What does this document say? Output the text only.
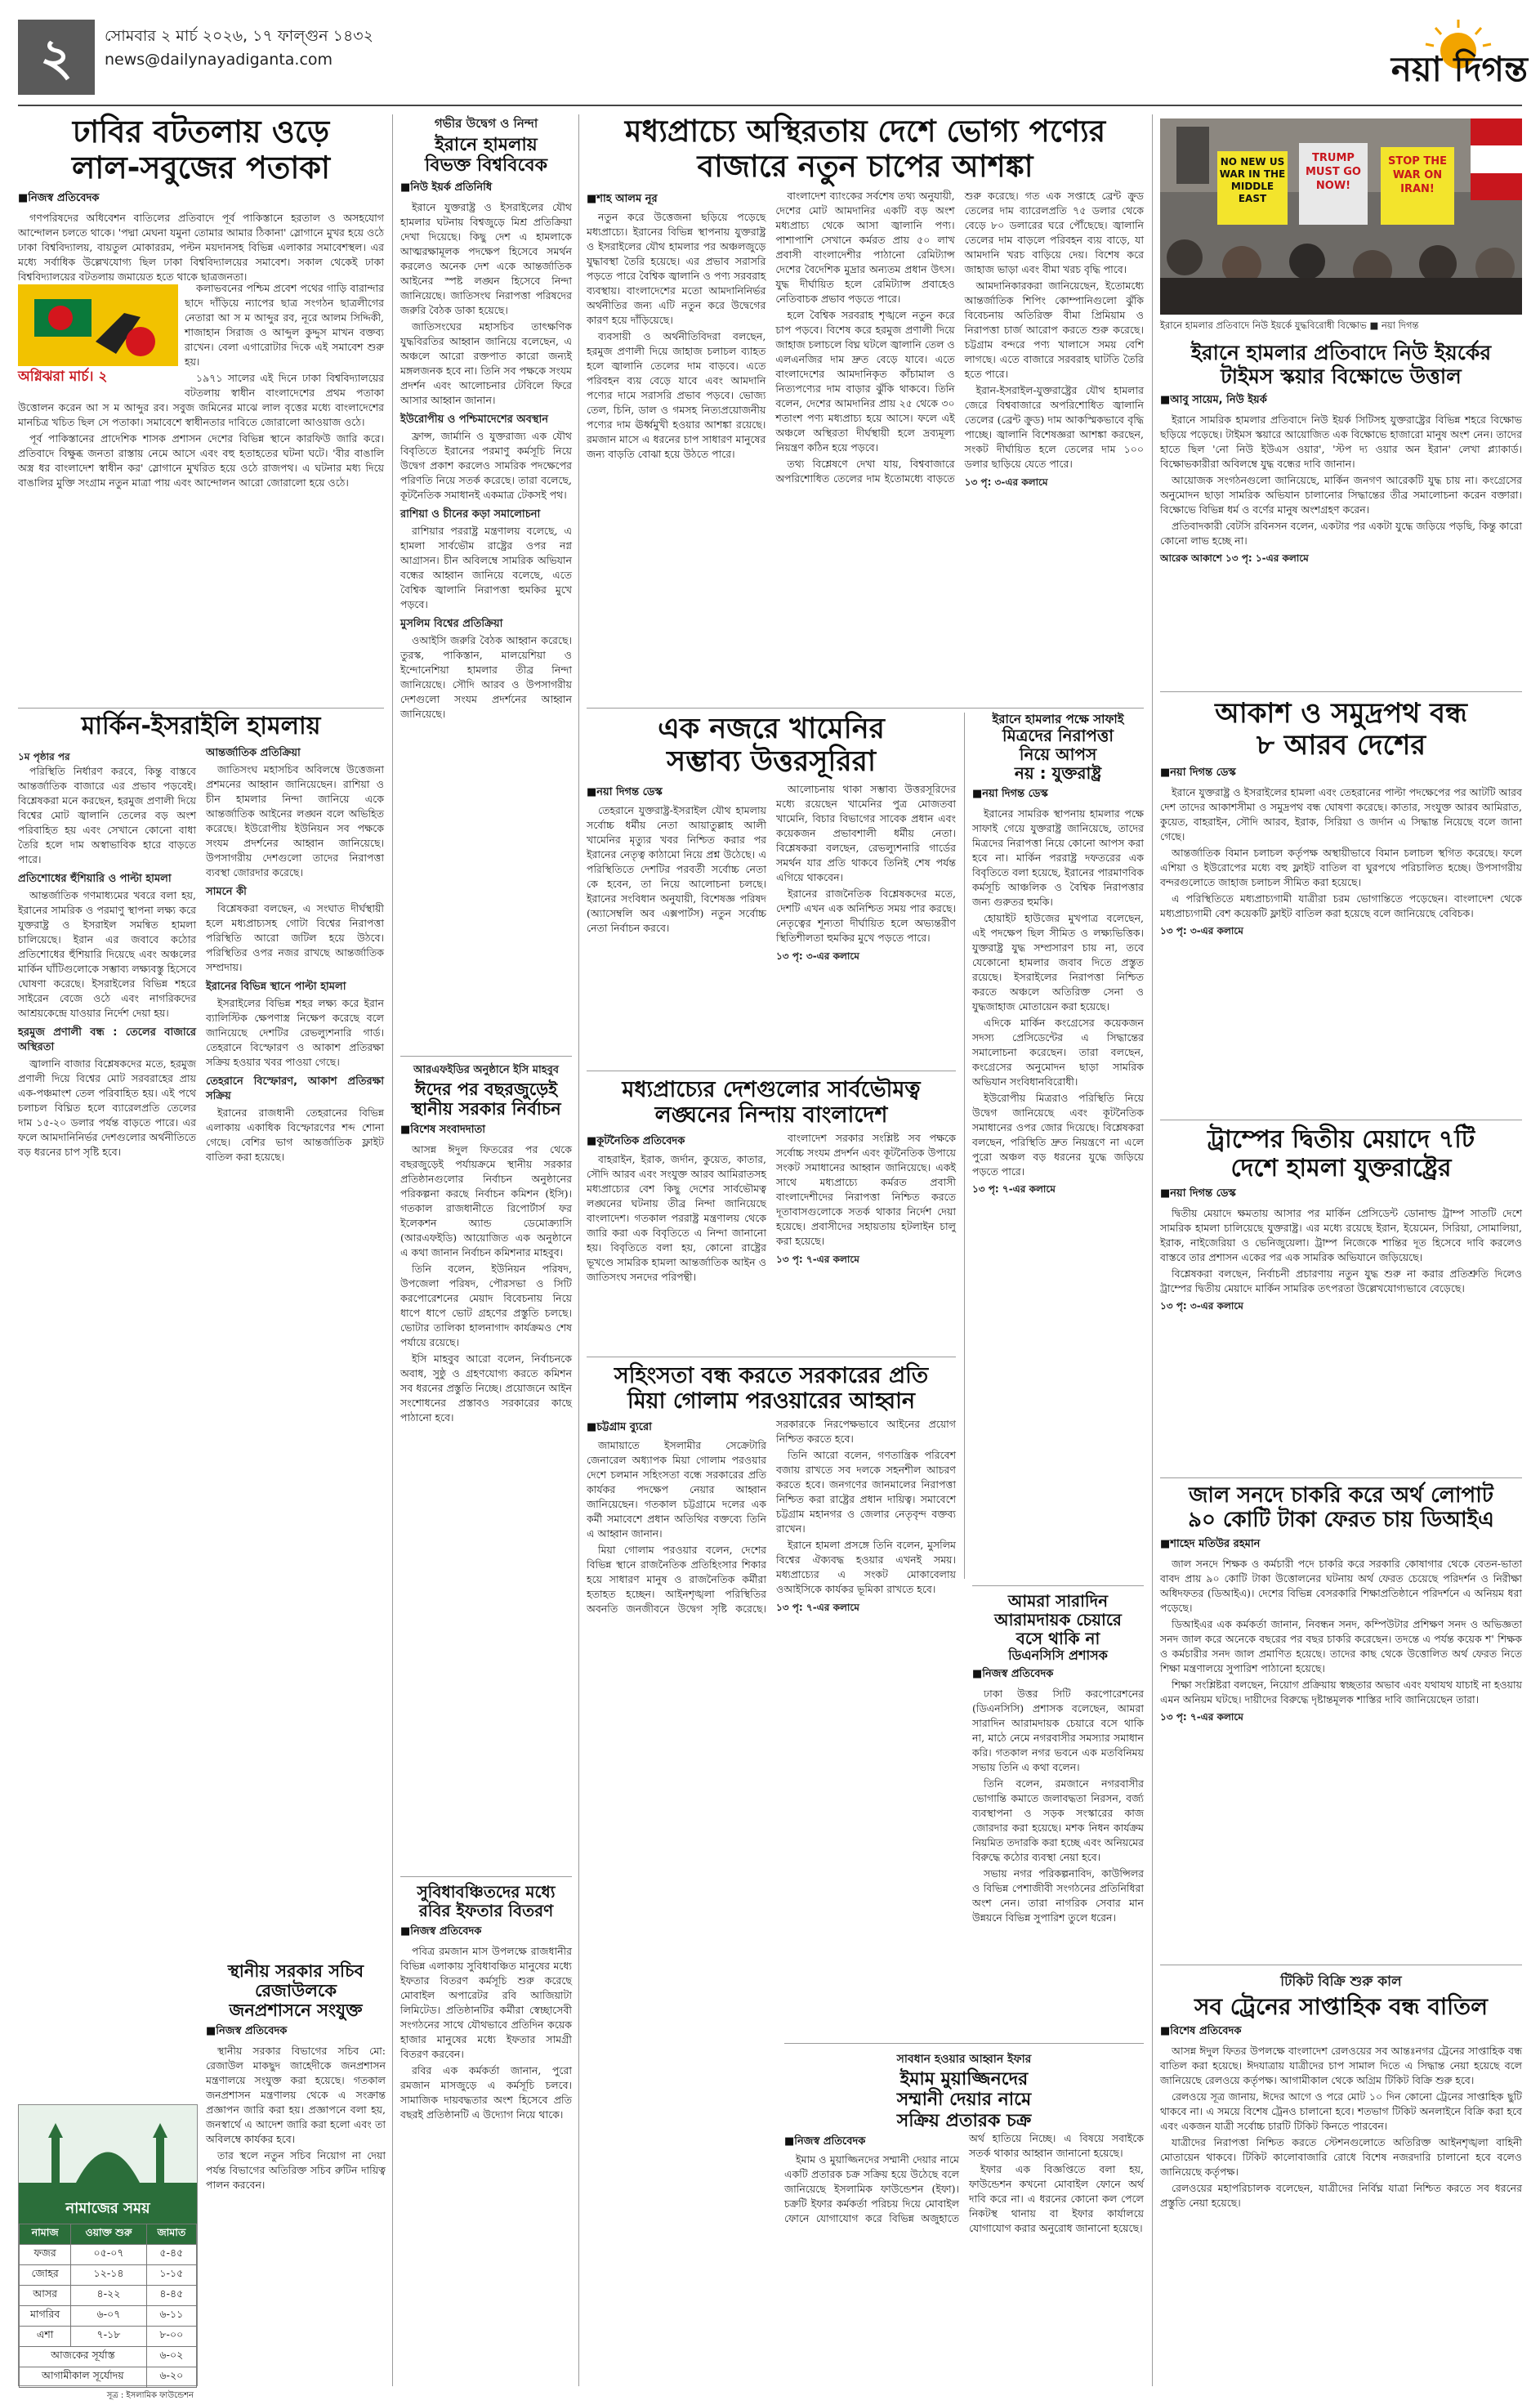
২	সোমবার ২ মার্চ ২০২৬, ১৭ ফাল্গুন ১৪৩২
news@dailynayadiganta.com	নয়া দিগন্ত
ঢাবির বটতলায় ওড়ে
লাল-সবুজের পতাকা
■ নিজস্ব প্রতিবেদক

গণপরিষদের অধিবেশন বাতিলের প্রতিবাদে পূর্ব পাকিস্তানে হরতাল ও অসহযোগ আন্দোলন চলতে থাকে। 'পদ্মা মেঘনা যমুনা তোমার আমার ঠিকানা' স্লোগানে মুখর হয়ে ওঠে ঢাকা বিশ্ববিদ্যালয়, বায়তুল মোকাররম, পল্টন ময়দানসহ বিভিন্ন এলাকার সমাবেশস্থল। এর মধ্যে সর্বাধিক উল্লেখযোগ্য ছিল ঢাকা বিশ্ববিদ্যালয়ের সমাবেশ। সকাল থেকেই ঢাকা বিশ্ববিদ্যালয়ের বটতলায় জমায়েত হতে থাকে ছাত্রজনতা।

অগ্নিঝরা মার্চ। ২

কলাভবনের পশ্চিম প্রবেশ পথের গাড়ি বারান্দার ছাদে দাঁড়িয়ে ন্যাপের ছাত্র সংগঠন ছাত্রলীগের নেতারা আ স ম আব্দুর রব, নূরে আলম সিদ্দিকী, শাজাহান সিরাজ ও আব্দুল কুদ্দুস মাখন বক্তব্য রাখেন। বেলা এগারোটার দিকে এই সমাবেশ শুরু হয়।

১৯৭১ সালের এই দিনে ঢাকা বিশ্ববিদ্যালয়ের বটতলায় স্বাধীন বাংলাদেশের প্রথম পতাকা উত্তোলন করেন আ স ম আব্দুর রব। সবুজ জমিনের মাঝে লাল বৃত্তের মধ্যে বাংলাদেশের মানচিত্র খচিত ছিল সে পতাকা। সমাবেশে স্বাধীনতার দাবিতে জোরালো আওয়াজ ওঠে।

পূর্ব পাকিস্তানের প্রাদেশিক শাসক প্রশাসন দেশের বিভিন্ন স্থানে কারফিউ জারি করে। প্রতিবাদে বিক্ষুব্ধ জনতা রাস্তায় নেমে আসে এবং বহু হতাহতের ঘটনা ঘটে। 'বীর বাঙালি অস্ত্র ধর বাংলাদেশ স্বাধীন কর' স্লোগানে মুখরিত হয়ে ওঠে রাজপথ। এ ঘটনার মধ্য দিয়ে বাঙালির মুক্তি সংগ্রাম নতুন মাত্রা পায় এবং আন্দোলন আরো জোরালো হয়ে ওঠে।

মার্কিন-ইসরাইলি হামলায়
১ম পৃষ্ঠার পর

পরিস্থিতি নির্ধারণ করবে, কিন্তু বাস্তবে আন্তর্জাতিক বাজারে এর প্রভাব পড়বেই। বিশ্লেষকরা মনে করছেন, হরমুজ প্রণালী দিয়ে বিশ্বের মোট জ্বালানি তেলের বড় অংশ পরিবাহিত হয় এবং সেখানে কোনো বাধা তৈরি হলে দাম অস্বাভাবিক হারে বাড়তে পারে।

প্রতিশোধের হুঁশিয়ারি ও পাল্টা হামলা

আন্তর্জাতিক গণমাধ্যমের খবরে বলা হয়, ইরানের সামরিক ও পরমাণু স্থাপনা লক্ষ্য করে যুক্তরাষ্ট্র ও ইসরাইল সমন্বিত হামলা চালিয়েছে। ইরান এর জবাবে কঠোর প্রতিশোধের হুঁশিয়ারি দিয়েছে এবং অঞ্চলের মার্কিন ঘাঁটিগুলোকে সম্ভাব্য লক্ষ্যবস্তু হিসেবে ঘোষণা করেছে। ইসরাইলের বিভিন্ন শহরে সাইরেন বেজে ওঠে এবং নাগরিকদের আশ্রয়কেন্দ্রে যাওয়ার নির্দেশ দেয়া হয়।

হরমুজ প্রণালী বন্ধ : তেলের বাজারে অস্থিরতা

জ্বালানি বাজার বিশ্লেষকদের মতে, হরমুজ প্রণালী দিয়ে বিশ্বের মোট সরবরাহের প্রায় এক-পঞ্চমাংশ তেল পরিবাহিত হয়। এই পথে চলাচল বিঘ্নিত হলে ব্যারেলপ্রতি তেলের দাম ১৫-২০ ডলার পর্যন্ত বাড়তে পারে। এর ফলে আমদানিনির্ভর দেশগুলোর অর্থনীতিতে বড় ধরনের চাপ সৃষ্টি হবে।

আন্তর্জাতিক প্রতিক্রিয়া

জাতিসংঘ মহাসচিব অবিলম্বে উত্তেজনা প্রশমনের আহ্বান জানিয়েছেন। রাশিয়া ও চীন হামলার নিন্দা জানিয়ে একে আন্তর্জাতিক আইনের লঙ্ঘন বলে অভিহিত করেছে। ইউরোপীয় ইউনিয়ন সব পক্ষকে সংযম প্রদর্শনের আহ্বান জানিয়েছে। উপসাগরীয় দেশগুলো তাদের নিরাপত্তা ব্যবস্থা জোরদার করেছে।

সামনে কী

বিশ্লেষকরা বলছেন, এ সংঘাত দীর্ঘস্থায়ী হলে মধ্যপ্রাচ্যসহ গোটা বিশ্বের নিরাপত্তা পরিস্থিতি আরো জটিল হয়ে উঠবে। পরিস্থিতির ওপর নজর রাখছে আন্তর্জাতিক সম্প্রদায়।

ইরানের বিভিন্ন স্থানে পাল্টা হামলা

ইসরাইলের বিভিন্ন শহর লক্ষ্য করে ইরান ব্যালিস্টিক ক্ষেপণাস্ত্র নিক্ষেপ করেছে বলে জানিয়েছে দেশটির রেভল্যুশনারি গার্ড। তেহরানে বিস্ফোরণ ও আকাশ প্রতিরক্ষা সক্রিয় হওয়ার খবর পাওয়া গেছে।

তেহরানে বিস্ফোরণ, আকাশ প্রতিরক্ষা সক্রিয়

ইরানের রাজধানী তেহরানের বিভিন্ন এলাকায় একাধিক বিস্ফোরণের শব্দ শোনা গেছে। বেশির ভাগ আন্তর্জাতিক ফ্লাইট বাতিল করা হয়েছে।

নামাজের সময়
নামাজ	ওয়াক্ত শুরু	জামাত
ফজর	০৫-০৭	৫-৪৫
জোহর	১২-১৪	১-১৫
আসর	৪-২২	৪-৪৫
মাগরিব	৬-০৭	৬-১১
এশা	৭-১৮	৮-০০
আজকের সূর্যাস্ত		৬-০২
আগামীকাল সূর্যোদয়		৬-২০
সূত্র : ইসলামিক ফাউন্ডেশন
গভীর উদ্বেগ ও নিন্দা
ইরানে হামলায়
বিভক্ত বিশ্ববিবেক
■ নিউ ইয়র্ক প্রতিনিধি

ইরানে যুক্তরাষ্ট্র ও ইসরাইলের যৌথ হামলার ঘটনায় বিশ্বজুড়ে মিশ্র প্রতিক্রিয়া দেখা দিয়েছে। কিছু দেশ এ হামলাকে আত্মরক্ষামূলক পদক্ষেপ হিসেবে সমর্থন করলেও অনেক দেশ একে আন্তর্জাতিক আইনের স্পষ্ট লঙ্ঘন হিসেবে নিন্দা জানিয়েছে। জাতিসংঘ নিরাপত্তা পরিষদের জরুরি বৈঠক ডাকা হয়েছে।

জাতিসংঘের মহাসচিব তাৎক্ষণিক যুদ্ধবিরতির আহ্বান জানিয়ে বলেছেন, এ অঞ্চলে আরো রক্তপাত কারো জন্যই মঙ্গলজনক হবে না। তিনি সব পক্ষকে সংযম প্রদর্শন এবং আলোচনার টেবিলে ফিরে আসার আহ্বান জানান।

ইউরোপীয় ও পশ্চিমাদেশের অবস্থান

ফ্রান্স, জার্মানি ও যুক্তরাজ্য এক যৌথ বিবৃতিতে ইরানের পরমাণু কর্মসূচি নিয়ে উদ্বেগ প্রকাশ করলেও সামরিক পদক্ষেপের পরিণতি নিয়ে সতর্ক করেছে। তারা বলেছে, কূটনৈতিক সমাধানই একমাত্র টেকসই পথ।

রাশিয়া ও চীনের কড়া সমালোচনা

রাশিয়ার পররাষ্ট্র মন্ত্রণালয় বলেছে, এ হামলা সার্বভৌম রাষ্ট্রের ওপর নগ্ন আগ্রাসন। চীন অবিলম্বে সামরিক অভিযান বন্ধের আহ্বান জানিয়ে বলেছে, এতে বৈশ্বিক জ্বালানি নিরাপত্তা হুমকির মুখে পড়বে।

মুসলিম বিশ্বের প্রতিক্রিয়া

ওআইসি জরুরি বৈঠক আহ্বান করেছে। তুরস্ক, পাকিস্তান, মালয়েশিয়া ও ইন্দোনেশিয়া হামলার তীব্র নিন্দা জানিয়েছে। সৌদি আরব ও উপসাগরীয় দেশগুলো সংযম প্রদর্শনের আহ্বান জানিয়েছে।

আরএফইডির অনুষ্ঠানে ইসি মাহবুব
ঈদের পর বছরজুড়েই
স্থানীয় সরকার নির্বাচন
■ বিশেষ সংবাদদাতা

আসন্ন ঈদুল ফিতরের পর থেকে বছরজুড়েই পর্যায়ক্রমে স্থানীয় সরকার প্রতিষ্ঠানগুলোর নির্বাচন অনুষ্ঠানের পরিকল্পনা করছে নির্বাচন কমিশন (ইসি)। গতকাল রাজধানীতে রিপোর্টার্স ফর ইলেকশন অ্যান্ড ডেমোক্র্যাসি (আরএফইডি) আয়োজিত এক অনুষ্ঠানে এ কথা জানান নির্বাচন কমিশনার মাহবুব।

তিনি বলেন, ইউনিয়ন পরিষদ, উপজেলা পরিষদ, পৌরসভা ও সিটি করপোরেশনের মেয়াদ বিবেচনায় নিয়ে ধাপে ধাপে ভোট গ্রহণের প্রস্তুতি চলছে। ভোটার তালিকা হালনাগাদ কার্যক্রমও শেষ পর্যায়ে রয়েছে।

ইসি মাহবুব আরো বলেন, নির্বাচনকে অবাধ, সুষ্ঠু ও গ্রহণযোগ্য করতে কমিশন সব ধরনের প্রস্তুতি নিচ্ছে। প্রয়োজনে আইন সংশোধনের প্রস্তাবও সরকারের কাছে পাঠানো হবে।

সুবিধাবঞ্চিতদের মধ্যে
রবির ইফতার বিতরণ
■ নিজস্ব প্রতিবেদক

পবিত্র রমজান মাস উপলক্ষে রাজধানীর বিভিন্ন এলাকায় সুবিধাবঞ্চিত মানুষের মধ্যে ইফতার বিতরণ কর্মসূচি শুরু করেছে মোবাইল অপারেটর রবি আজিয়াটা লিমিটেড। প্রতিষ্ঠানটির কর্মীরা স্বেচ্ছাসেবী সংগঠনের সাথে যৌথভাবে প্রতিদিন কয়েক হাজার মানুষের মধ্যে ইফতার সামগ্রী বিতরণ করবেন।

রবির এক কর্মকর্তা জানান, পুরো রমজান মাসজুড়ে এ কর্মসূচি চলবে। সামাজিক দায়বদ্ধতার অংশ হিসেবে প্রতি বছরই প্রতিষ্ঠানটি এ উদ্যোগ নিয়ে থাকে।

স্থানীয় সরকার সচিব
রেজাউলকে
জনপ্রশাসনে সংযুক্ত
■ নিজস্ব প্রতিবেদক

স্থানীয় সরকার বিভাগের সচিব মো: রেজাউল মাকছুদ জাহেদীকে জনপ্রশাসন মন্ত্রণালয়ে সংযুক্ত করা হয়েছে। গতকাল জনপ্রশাসন মন্ত্রণালয় থেকে এ সংক্রান্ত প্রজ্ঞাপন জারি করা হয়। প্রজ্ঞাপনে বলা হয়, জনস্বার্থে এ আদেশ জারি করা হলো এবং তা অবিলম্বে কার্যকর হবে।

তার স্থলে নতুন সচিব নিয়োগ না দেয়া পর্যন্ত বিভাগের অতিরিক্ত সচিব রুটিন দায়িত্ব পালন করবেন।

মধ্যপ্রাচ্যে অস্থিরতায় দেশে ভোগ্য পণ্যের
বাজারে নতুন চাপের আশঙ্কা
■ শাহ আলম নূর

নতুন করে উত্তেজনা ছড়িয়ে পড়েছে মধ্যপ্রাচ্যে। ইরানের বিভিন্ন স্থাপনায় যুক্তরাষ্ট্র ও ইসরাইলের যৌথ হামলার পর অঞ্চলজুড়ে যুদ্ধাবস্থা তৈরি হয়েছে। এর প্রভাব সরাসরি পড়তে পারে বৈশ্বিক জ্বালানি ও পণ্য সরবরাহ ব্যবস্থায়। বাংলাদেশের মতো আমদানিনির্ভর অর্থনীতির জন্য এটি নতুন করে উদ্বেগের কারণ হয়ে দাঁড়িয়েছে।

ব্যবসায়ী ও অর্থনীতিবিদরা বলছেন, হরমুজ প্রণালী দিয়ে জাহাজ চলাচল ব্যাহত হলে জ্বালানি তেলের দাম বাড়বে। এতে পরিবহন ব্যয় বেড়ে যাবে এবং আমদানি পণ্যের দামে সরাসরি প্রভাব পড়বে। ভোজ্য তেল, চিনি, ডাল ও গমসহ নিত্যপ্রয়োজনীয় পণ্যের দাম ঊর্ধ্বমুখী হওয়ার আশঙ্কা রয়েছে। রমজান মাসে এ ধরনের চাপ সাধারণ মানুষের জন্য বাড়তি বোঝা হয়ে উঠতে পারে।

বাংলাদেশ ব্যাংকের সর্বশেষ তথ্য অনুযায়ী, দেশের মোট আমদানির একটি বড় অংশ মধ্যপ্রাচ্য থেকে আসা জ্বালানি পণ্য। পাশাপাশি সেখানে কর্মরত প্রায় ৫০ লাখ প্রবাসী বাংলাদেশীর পাঠানো রেমিট্যান্স দেশের বৈদেশিক মুদ্রার অন্যতম প্রধান উৎস। যুদ্ধ দীর্ঘায়িত হলে রেমিট্যান্স প্রবাহেও নেতিবাচক প্রভাব পড়তে পারে।

হলে বৈশ্বিক সরবরাহ শৃঙ্খলে নতুন করে চাপ পড়বে। বিশেষ করে হরমুজ প্রণালী দিয়ে জাহাজ চলাচলে বিঘ্ন ঘটলে জ্বালানি তেল ও এলএনজির দাম দ্রুত বেড়ে যাবে। এতে বাংলাদেশের আমদানিকৃত কাঁচামাল ও নিত্যপণ্যের দাম বাড়ার ঝুঁকি থাকবে। তিনি বলেন, দেশের আমদানির প্রায় ২৫ থেকে ৩০ শতাংশ পণ্য মধ্যপ্রাচ্য হয়ে আসে। ফলে এই অঞ্চলে অস্থিরতা দীর্ঘস্থায়ী হলে দ্রব্যমূল্য নিয়ন্ত্রণ কঠিন হয়ে পড়বে।

তথ্য বিশ্লেষণে দেখা যায়, বিশ্ববাজারে অপরিশোধিত তেলের দাম ইতোমধ্যে বাড়তে শুরু করেছে। গত এক সপ্তাহে ব্রেন্ট ক্রুড তেলের দাম ব্যারেলপ্রতি ৭৫ ডলার থেকে বেড়ে ৮০ ডলারের ঘরে পৌঁছেছে। জ্বালানি তেলের দাম বাড়লে পরিবহন ব্যয় বাড়ে, যা আমদানি খরচ বাড়িয়ে দেয়। বিশেষ করে জাহাজ ভাড়া এবং বীমা খরচ বৃদ্ধি পাবে।

আমদানিকারকরা জানিয়েছেন, ইতোমধ্যে আন্তর্জাতিক শিপিং কোম্পানিগুলো ঝুঁকি বিবেচনায় অতিরিক্ত বীমা প্রিমিয়াম ও নিরাপত্তা চার্জ আরোপ করতে শুরু করেছে। চট্টগ্রাম বন্দরে পণ্য খালাসে সময় বেশি লাগছে। এতে বাজারে সরবরাহ ঘাটতি তৈরি হতে পারে।

ইরান-ইসরাইল-যুক্তরাষ্ট্রের যৌথ হামলার জেরে বিশ্ববাজারে অপরিশোধিত জ্বালানি তেলের (ব্রেন্ট ক্রুড) দাম আকস্মিকভাবে বৃদ্ধি পাচ্ছে। জ্বালানি বিশেষজ্ঞরা আশঙ্কা করছেন, সংকট দীর্ঘায়িত হলে তেলের দাম ১০০ ডলার ছাড়িয়ে যেতে পারে।

১৩ পৃ: ৩-এর কলামে
এক নজরে খামেনির
সম্ভাব্য উত্তরসূরিরা
■ নয়া দিগন্ত ডেস্ক

তেহরানে যুক্তরাষ্ট্র-ইসরাইল যৌথ হামলায় সর্বোচ্চ ধর্মীয় নেতা আয়াতুল্লাহ আলী খামেনির মৃত্যুর খবর নিশ্চিত করার পর ইরানের নেতৃত্ব কাঠামো নিয়ে প্রশ্ন উঠেছে। এ পরিস্থিতিতে দেশটির পরবর্তী সর্বোচ্চ নেতা কে হবেন, তা নিয়ে আলোচনা চলছে। ইরানের সংবিধান অনুযায়ী, বিশেষজ্ঞ পরিষদ (অ্যাসেম্বলি অব এক্সপার্টস) নতুন সর্বোচ্চ নেতা নির্বাচন করবে।

আলোচনায় থাকা সম্ভাব্য উত্তরসূরিদের মধ্যে রয়েছেন খামেনির পুত্র মোজতবা খামেনি, বিচার বিভাগের সাবেক প্রধান এবং কয়েকজন প্রভাবশালী ধর্মীয় নেতা। বিশ্লেষকরা বলছেন, রেভল্যুশনারি গার্ডের সমর্থন যার প্রতি থাকবে তিনিই শেষ পর্যন্ত এগিয়ে থাকবেন।

ইরানের রাজনৈতিক বিশ্লেষকদের মতে, দেশটি এখন এক অনিশ্চিত সময় পার করছে। নেতৃত্বের শূন্যতা দীর্ঘায়িত হলে অভ্যন্তরীণ স্থিতিশীলতা হুমকির মুখে পড়তে পারে।

১৩ পৃ: ৩-এর কলামে
ইরানে হামলার পক্ষে সাফাই
মিত্রদের নিরাপত্তা
নিয়ে আপস
নয় : যুক্তরাষ্ট্র
■ নয়া দিগন্ত ডেস্ক

ইরানের সামরিক স্থাপনায় হামলার পক্ষে সাফাই গেয়ে যুক্তরাষ্ট্র জানিয়েছে, তাদের মিত্রদের নিরাপত্তা নিয়ে কোনো আপস করা হবে না। মার্কিন পররাষ্ট্র দফতরের এক বিবৃতিতে বলা হয়েছে, ইরানের পারমাণবিক কর্মসূচি আঞ্চলিক ও বৈশ্বিক নিরাপত্তার জন্য গুরুতর হুমকি।

হোয়াইট হাউজের মুখপাত্র বলেছেন, এই পদক্ষেপ ছিল সীমিত ও লক্ষ্যভিত্তিক। যুক্তরাষ্ট্র যুদ্ধ সম্প্রসারণ চায় না, তবে যেকোনো হামলার জবাব দিতে প্রস্তুত রয়েছে। ইসরাইলের নিরাপত্তা নিশ্চিত করতে অঞ্চলে অতিরিক্ত সেনা ও যুদ্ধজাহাজ মোতায়েন করা হয়েছে।

এদিকে মার্কিন কংগ্রেসের কয়েকজন সদস্য প্রেসিডেন্টের এ সিদ্ধান্তের সমালোচনা করেছেন। তারা বলছেন, কংগ্রেসের অনুমোদন ছাড়া সামরিক অভিযান সংবিধানবিরোধী।

ইউরোপীয় মিত্ররাও পরিস্থিতি নিয়ে উদ্বেগ জানিয়েছে এবং কূটনৈতিক সমাধানের ওপর জোর দিয়েছে। বিশ্লেষকরা বলছেন, পরিস্থিতি দ্রুত নিয়ন্ত্রণে না এলে পুরো অঞ্চল বড় ধরনের যুদ্ধে জড়িয়ে পড়তে পারে।

১৩ পৃ: ৭-এর কলামে
মধ্যপ্রাচ্যের দেশগুলোর সার্বভৌমত্ব
লঙ্ঘনের নিন্দায় বাংলাদেশ
■ কূটনৈতিক প্রতিবেদক

বাহরাইন, ইরাক, জর্দান, কুয়েত, কাতার, সৌদি আরব এবং সংযুক্ত আরব আমিরাতসহ মধ্যপ্রাচ্যের বেশ কিছু দেশের সার্বভৌমত্ব লঙ্ঘনের ঘটনায় তীব্র নিন্দা জানিয়েছে বাংলাদেশ। গতকাল পররাষ্ট্র মন্ত্রণালয় থেকে জারি করা এক বিবৃতিতে এ নিন্দা জানানো হয়। বিবৃতিতে বলা হয়, কোনো রাষ্ট্রের ভূখণ্ডে সামরিক হামলা আন্তর্জাতিক আইন ও জাতিসংঘ সনদের পরিপন্থী।

বাংলাদেশ সরকার সংশ্লিষ্ট সব পক্ষকে সর্বোচ্চ সংযম প্রদর্শন এবং কূটনৈতিক উপায়ে সংকট সমাধানের আহ্বান জানিয়েছে। একই সাথে মধ্যপ্রাচ্যে কর্মরত প্রবাসী বাংলাদেশীদের নিরাপত্তা নিশ্চিত করতে দূতাবাসগুলোকে সতর্ক থাকার নির্দেশ দেয়া হয়েছে। প্রবাসীদের সহায়তায় হটলাইন চালু করা হয়েছে।

১৩ পৃ: ৭-এর কলামে
সহিংসতা বন্ধ করতে সরকারের প্রতি
মিয়া গোলাম পরওয়ারের আহ্বান
■ চট্টগ্রাম ব্যুরো

জামায়াতে ইসলামীর সেক্রেটারি জেনারেল অধ্যাপক মিয়া গোলাম পরওয়ার দেশে চলমান সহিংসতা বন্ধে সরকারের প্রতি কার্যকর পদক্ষেপ নেয়ার আহ্বান জানিয়েছেন। গতকাল চট্টগ্রামে দলের এক কর্মী সমাবেশে প্রধান অতিথির বক্তব্যে তিনি এ আহ্বান জানান।

মিয়া গোলাম পরওয়ার বলেন, দেশের বিভিন্ন স্থানে রাজনৈতিক প্রতিহিংসার শিকার হয়ে সাধারণ মানুষ ও রাজনৈতিক কর্মীরা হতাহত হচ্ছেন। আইনশৃঙ্খলা পরিস্থিতির অবনতি জনজীবনে উদ্বেগ সৃষ্টি করেছে। সরকারকে নিরপেক্ষভাবে আইনের প্রয়োগ নিশ্চিত করতে হবে।

তিনি আরো বলেন, গণতান্ত্রিক পরিবেশ বজায় রাখতে সব দলকে সহনশীল আচরণ করতে হবে। জনগণের জানমালের নিরাপত্তা নিশ্চিত করা রাষ্ট্রের প্রধান দায়িত্ব। সমাবেশে চট্টগ্রাম মহানগর ও জেলার নেতৃবৃন্দ বক্তব্য রাখেন।

ইরানে হামলা প্রসঙ্গে তিনি বলেন, মুসলিম বিশ্বের ঐক্যবদ্ধ হওয়ার এখনই সময়। মধ্যপ্রাচ্যের এ সংকট মোকাবেলায় ওআইসিকে কার্যকর ভূমিকা রাখতে হবে।

১৩ পৃ: ৭-এর কলামে	আমরা সারাদিন
আরামদায়ক চেয়ারে
বসে থাকি না
ডিএনসিসি প্রশাসক
■ নিজস্ব প্রতিবেদক

ঢাকা উত্তর সিটি করপোরেশনের (ডিএনসিসি) প্রশাসক বলেছেন, আমরা সারাদিন আরামদায়ক চেয়ারে বসে থাকি না, মাঠে নেমে নগরবাসীর সমস্যার সমাধান করি। গতকাল নগর ভবনে এক মতবিনিময় সভায় তিনি এ কথা বলেন।

তিনি বলেন, রমজানে নগরবাসীর ভোগান্তি কমাতে জলাবদ্ধতা নিরসন, বর্জ্য ব্যবস্থাপনা ও সড়ক সংস্কারের কাজ জোরদার করা হয়েছে। মশক নিধন কার্যক্রম নিয়মিত তদারকি করা হচ্ছে এবং অনিয়মের বিরুদ্ধে কঠোর ব্যবস্থা নেয়া হবে।

সভায় নগর পরিকল্পনাবিদ, কাউন্সিলর ও বিভিন্ন পেশাজীবী সংগঠনের প্রতিনিধিরা অংশ নেন। তারা নাগরিক সেবার মান উন্নয়নে বিভিন্ন সুপারিশ তুলে ধরেন।

সাবধান হওয়ার আহ্বান ইফার
ইমাম মুয়াজ্জিনদের
সম্মানী দেয়ার নামে
সক্রিয় প্রতারক চক্র
■ নিজস্ব প্রতিবেদক

ইমাম ও মুয়াজ্জিনদের সম্মানী দেয়ার নামে একটি প্রতারক চক্র সক্রিয় হয়ে উঠেছে বলে জানিয়েছে ইসলামিক ফাউন্ডেশন (ইফা)। চক্রটি ইফার কর্মকর্তা পরিচয় দিয়ে মোবাইল ফোনে যোগাযোগ করে বিভিন্ন অজুহাতে অর্থ হাতিয়ে নিচ্ছে। এ বিষয়ে সবাইকে সতর্ক থাকার আহ্বান জানানো হয়েছে।

ইফার এক বিজ্ঞপ্তিতে বলা হয়, ফাউন্ডেশন কখনো মোবাইল ফোনে অর্থ দাবি করে না। এ ধরনের কোনো কল পেলে নিকটস্থ থানায় বা ইফার কার্যালয়ে যোগাযোগ করার অনুরোধ জানানো হয়েছে।

NO NEW US WAR IN THE MIDDLE EAST
TRUMP MUST GO NOW!
STOP THE WAR ON IRAN!
ইরানে হামলার প্রতিবাদে নিউ ইয়র্কে যুদ্ধবিরোধী বিক্ষোভ ■ নয়া দিগন্ত
ইরানে হামলার প্রতিবাদে নিউ ইয়র্কের
টাইমস স্কয়ার বিক্ষোভে উত্তাল
■ আবু সায়েম, নিউ ইয়র্ক

ইরানে সামরিক হামলার প্রতিবাদে নিউ ইয়র্ক সিটিসহ যুক্তরাষ্ট্রের বিভিন্ন শহরে বিক্ষোভ ছড়িয়ে পড়েছে। টাইমস স্কয়ারে আয়োজিত এক বিক্ষোভে হাজারো মানুষ অংশ নেন। তাদের হাতে ছিল 'নো নিউ ইউএস ওয়ার', 'স্টপ দ্য ওয়ার অন ইরান' লেখা প্ল্যাকার্ড। বিক্ষোভকারীরা অবিলম্বে যুদ্ধ বন্ধের দাবি জানান।

আয়োজক সংগঠনগুলো জানিয়েছে, মার্কিন জনগণ আরেকটি যুদ্ধ চায় না। কংগ্রেসের অনুমোদন ছাড়া সামরিক অভিযান চালানোর সিদ্ধান্তের তীব্র সমালোচনা করেন বক্তারা। বিক্ষোভে বিভিন্ন ধর্ম ও বর্ণের মানুষ অংশগ্রহণ করেন।

প্রতিবাদকারী বেটসি রবিনসন বলেন, একটার পর একটা যুদ্ধে জড়িয়ে পড়ছি, কিন্তু কারো কোনো লাভ হচ্ছে না।

আরেক আকাশে ১৩ পৃ: ১-এর কলামে
আকাশ ও সমুদ্রপথ বন্ধ
৮ আরব দেশের
■ নয়া দিগন্ত ডেস্ক

ইরানে যুক্তরাষ্ট্র ও ইসরাইলের হামলা এবং তেহরানের পাল্টা পদক্ষেপের পর আটটি আরব দেশ তাদের আকাশসীমা ও সমুদ্রপথ বন্ধ ঘোষণা করেছে। কাতার, সংযুক্ত আরব আমিরাত, কুয়েত, বাহরাইন, সৌদি আরব, ইরাক, সিরিয়া ও জর্দান এ সিদ্ধান্ত নিয়েছে বলে জানা গেছে।

আন্তর্জাতিক বিমান চলাচল কর্তৃপক্ষ অস্থায়ীভাবে বিমান চলাচল স্থগিত করেছে। ফলে এশিয়া ও ইউরোপের মধ্যে বহু ফ্লাইট বাতিল বা ঘুরপথে পরিচালিত হচ্ছে। উপসাগরীয় বন্দরগুলোতে জাহাজ চলাচল সীমিত করা হয়েছে।

এ পরিস্থিতিতে মধ্যপ্রাচ্যগামী যাত্রীরা চরম ভোগান্তিতে পড়েছেন। বাংলাদেশ থেকে মধ্যপ্রাচ্যগামী বেশ কয়েকটি ফ্লাইট বাতিল করা হয়েছে বলে জানিয়েছে বেবিচক।

১৩ পৃ: ৩-এর কলামে
ট্রাম্পের দ্বিতীয় মেয়াদে ৭টি
দেশে হামলা যুক্তরাষ্ট্রের
■ নয়া দিগন্ত ডেস্ক

দ্বিতীয় মেয়াদে ক্ষমতায় আসার পর মার্কিন প্রেসিডেন্ট ডোনাল্ড ট্রাম্প সাতটি দেশে সামরিক হামলা চালিয়েছে যুক্তরাষ্ট্র। এর মধ্যে রয়েছে ইরান, ইয়েমেন, সিরিয়া, সোমালিয়া, ইরাক, নাইজেরিয়া ও ভেনিজুয়েলা। ট্রাম্প নিজেকে শান্তির দূত হিসেবে দাবি করলেও বাস্তবে তার প্রশাসন একের পর এক সামরিক অভিযানে জড়িয়েছে।

বিশ্লেষকরা বলছেন, নির্বাচনী প্রচারণায় নতুন যুদ্ধ শুরু না করার প্রতিশ্রুতি দিলেও ট্রাম্পের দ্বিতীয় মেয়াদে মার্কিন সামরিক তৎপরতা উল্লেখযোগ্যভাবে বেড়েছে।

১৩ পৃ: ৩-এর কলামে
জাল সনদে চাকরি করে অর্থ লোপাট
৯০ কোটি টাকা ফেরত চায় ডিআইএ
■ শাহেদ মতিউর রহমান

জাল সনদে শিক্ষক ও কর্মচারী পদে চাকরি করে সরকারি কোষাগার থেকে বেতন-ভাতা বাবদ প্রায় ৯০ কোটি টাকা উত্তোলনের ঘটনায় অর্থ ফেরত চেয়েছে পরিদর্শন ও নিরীক্ষা অধিদফতর (ডিআইএ)। দেশের বিভিন্ন বেসরকারি শিক্ষাপ্রতিষ্ঠানে পরিদর্শনে এ অনিয়ম ধরা পড়েছে।

ডিআইএর এক কর্মকর্তা জানান, নিবন্ধন সনদ, কম্পিউটার প্রশিক্ষণ সনদ ও অভিজ্ঞতা সনদ জাল করে অনেকে বছরের পর বছর চাকরি করেছেন। তদন্তে এ পর্যন্ত কয়েক শ' শিক্ষক ও কর্মচারীর সনদ জাল প্রমাণিত হয়েছে। তাদের কাছ থেকে উত্তোলিত অর্থ ফেরত নিতে শিক্ষা মন্ত্রণালয়ে সুপারিশ পাঠানো হয়েছে।

শিক্ষা সংশ্লিষ্টরা বলছেন, নিয়োগ প্রক্রিয়ায় স্বচ্ছতার অভাব এবং যথাযথ যাচাই না হওয়ায় এমন অনিয়ম ঘটছে। দায়ীদের বিরুদ্ধে দৃষ্টান্তমূলক শাস্তির দাবি জানিয়েছেন তারা।

১৩ পৃ: ৭-এর কলামে
টিকিট বিক্রি শুরু কাল
সব ট্রেনের সাপ্তাহিক বন্ধ বাতিল
■ বিশেষ প্রতিবেদক

আসন্ন ঈদুল ফিতর উপলক্ষে বাংলাদেশ রেলওয়ের সব আন্তঃনগর ট্রেনের সাপ্তাহিক বন্ধ বাতিল করা হয়েছে। ঈদযাত্রায় যাত্রীদের চাপ সামাল দিতে এ সিদ্ধান্ত নেয়া হয়েছে বলে জানিয়েছে রেলওয়ে কর্তৃপক্ষ। আগামীকাল থেকে অগ্রিম টিকিট বিক্রি শুরু হবে।

রেলওয়ে সূত্র জানায়, ঈদের আগে ও পরে মোট ১০ দিন কোনো ট্রেনের সাপ্তাহিক ছুটি থাকবে না। এ সময়ে বিশেষ ট্রেনও চালানো হবে। শতভাগ টিকিট অনলাইনে বিক্রি করা হবে এবং একজন যাত্রী সর্বোচ্চ চারটি টিকিট কিনতে পারবেন।

যাত্রীদের নিরাপত্তা নিশ্চিত করতে স্টেশনগুলোতে অতিরিক্ত আইনশৃঙ্খলা বাহিনী মোতায়েন থাকবে। টিকিট কালোবাজারি রোধে বিশেষ নজরদারি চালানো হবে বলেও জানিয়েছে কর্তৃপক্ষ।

রেলওয়ের মহাপরিচালক বলেছেন, যাত্রীদের নির্বিঘ্ন যাত্রা নিশ্চিত করতে সব ধরনের প্রস্তুতি নেয়া হয়েছে।
